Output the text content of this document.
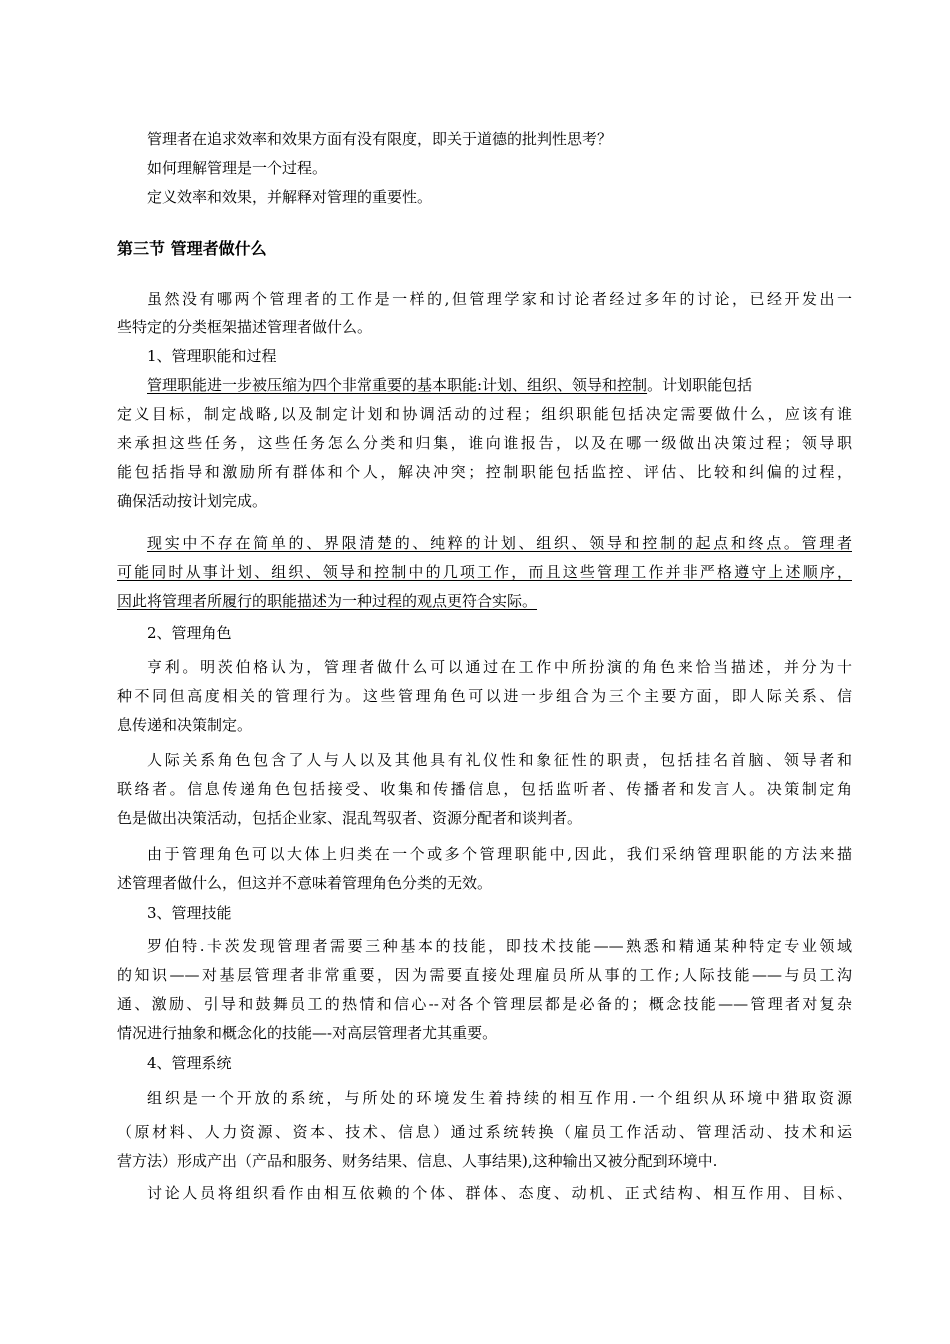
管理者在追求效率和效果方面有没有限度，即关于道德的批判性思考？
如何理解管理是一个过程。
定义效率和效果，并解释对管理的重要性。
第三节 管理者做什么
虽然没有哪两个管理者的工作是一样的,但管理学家和讨论者经过多年的讨论，已经开发出一
些特定的分类框架描述管理者做什么。
1、管理职能和过程
管理职能进一步被压缩为四个非常重要的基本职能:计划、组织、领导和控制。计划职能包括
定义目标，制定战略,以及制定计划和协调活动的过程；组织职能包括决定需要做什么，应该有谁
来承担这些任务，这些任务怎么分类和归集，谁向谁报告，以及在哪一级做出决策过程；领导职
能包括指导和激励所有群体和个人，解决冲突；控制职能包括监控、评估、比较和纠偏的过程，
确保活动按计划完成。
现实中不存在简单的、界限清楚的、纯粹的计划、组织、领导和控制的起点和终点。管理者
可能同时从事计划、组织、领导和控制中的几项工作，而且这些管理工作并非严格遵守上述顺序，
因此将管理者所履行的职能描述为一种过程的观点更符合实际。
2、管理角色
亨利。明茨伯格认为，管理者做什么可以通过在工作中所扮演的角色来恰当描述，并分为十
种不同但高度相关的管理行为。这些管理角色可以进一步组合为三个主要方面，即人际关系、信
息传递和决策制定。
人际关系角色包含了人与人以及其他具有礼仪性和象征性的职责，包括挂名首脑、领导者和
联络者。信息传递角色包括接受、收集和传播信息，包括监听者、传播者和发言人。决策制定角
色是做出决策活动，包括企业家、混乱驾驭者、资源分配者和谈判者。
由于管理角色可以大体上归类在一个或多个管理职能中,因此，我们采纳管理职能的方法来描
述管理者做什么，但这并不意味着管理角色分类的无效。
3、管理技能
罗伯特.卡茨发现管理者需要三种基本的技能，即技术技能——熟悉和精通某种特定专业领域
的知识——对基层管理者非常重要，因为需要直接处理雇员所从事的工作;人际技能——与员工沟
通、激励、引导和鼓舞员工的热情和信心--对各个管理层都是必备的；概念技能——管理者对复杂
情况进行抽象和概念化的技能—-对高层管理者尤其重要。
4、管理系统
组织是一个开放的系统，与所处的环境发生着持续的相互作用.一个组织从环境中猎取资源
（原材料、人力资源、资本、技术、信息）通过系统转换（雇员工作活动、管理活动、技术和运
营方法）形成产出（产品和服务、财务结果、信息、人事结果),这种输出又被分配到环境中.
讨论人员将组织看作由相互依赖的个体、群体、态度、动机、正式结构、相互作用、目标、
